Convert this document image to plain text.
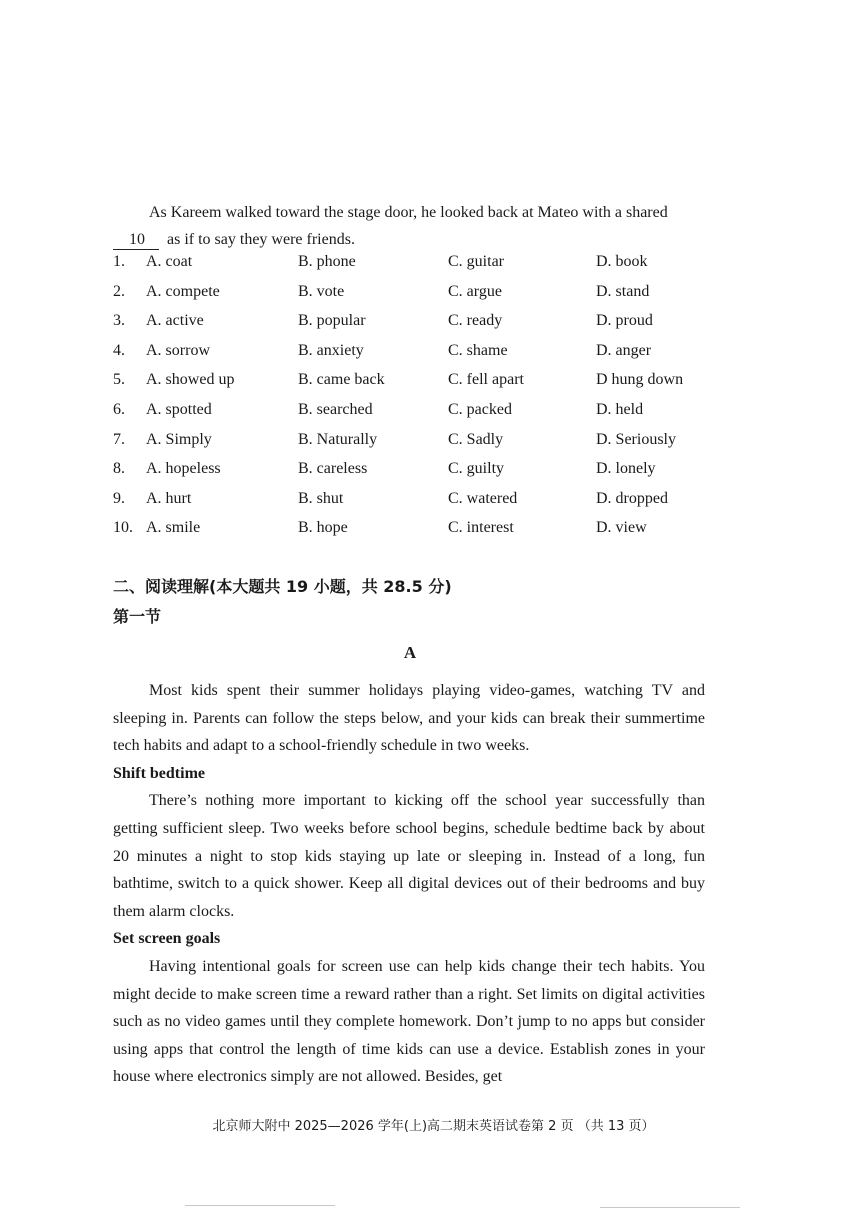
As Kareem walked toward the stage door, he looked back at Mateo with a shared 10 as if to say they were friends.

1. A. coat	B. phone	C. guitar	D. book
2. A. compete	B. vote	C. argue	D. stand
3. A. active	B. popular	C. ready	D. proud
4. A. sorrow	B. anxiety	C. shame	D. anger
5. A. showed up	B. came back	C. fell apart	D hung down
6. A. spotted	B. searched	C. packed	D. held
7. A. Simply	B. Naturally	C. Sadly	D. Seriously
8. A. hopeless	B. careless	C. guilty	D. lonely
9. A. hurt	B. shut	C. watered	D. dropped
10. A. smile	B. hope	C. interest	D. view
二、阅读理解(本大题共 19 小题，共 28.5 分)
第一节
A

Most kids spent their summer holidays playing video-games, watching TV and sleeping in. Parents can follow the steps below, and your kids can break their summertime tech habits and adapt to a school-friendly schedule in two weeks.

Shift bedtime

There’s nothing more important to kicking off the school year successfully than getting sufficient sleep. Two weeks before school begins, schedule bedtime back by about 20 minutes a night to stop kids staying up late or sleeping in. Instead of a long, fun bathtime, switch to a quick shower. Keep all digital devices out of their bedrooms and buy them alarm clocks.

Set screen goals

Having intentional goals for screen use can help kids change their tech habits. You might decide to make screen time a reward rather than a right. Set limits on digital activities such as no video games until they complete homework. Don’t jump to no apps but consider using apps that control the length of time kids can use a device. Establish zones in your house where electronics simply are not allowed. Besides, get

北京师大附中 2025—2026 学年(上)高二期末英语试卷第 2 页 （共 13 页）
